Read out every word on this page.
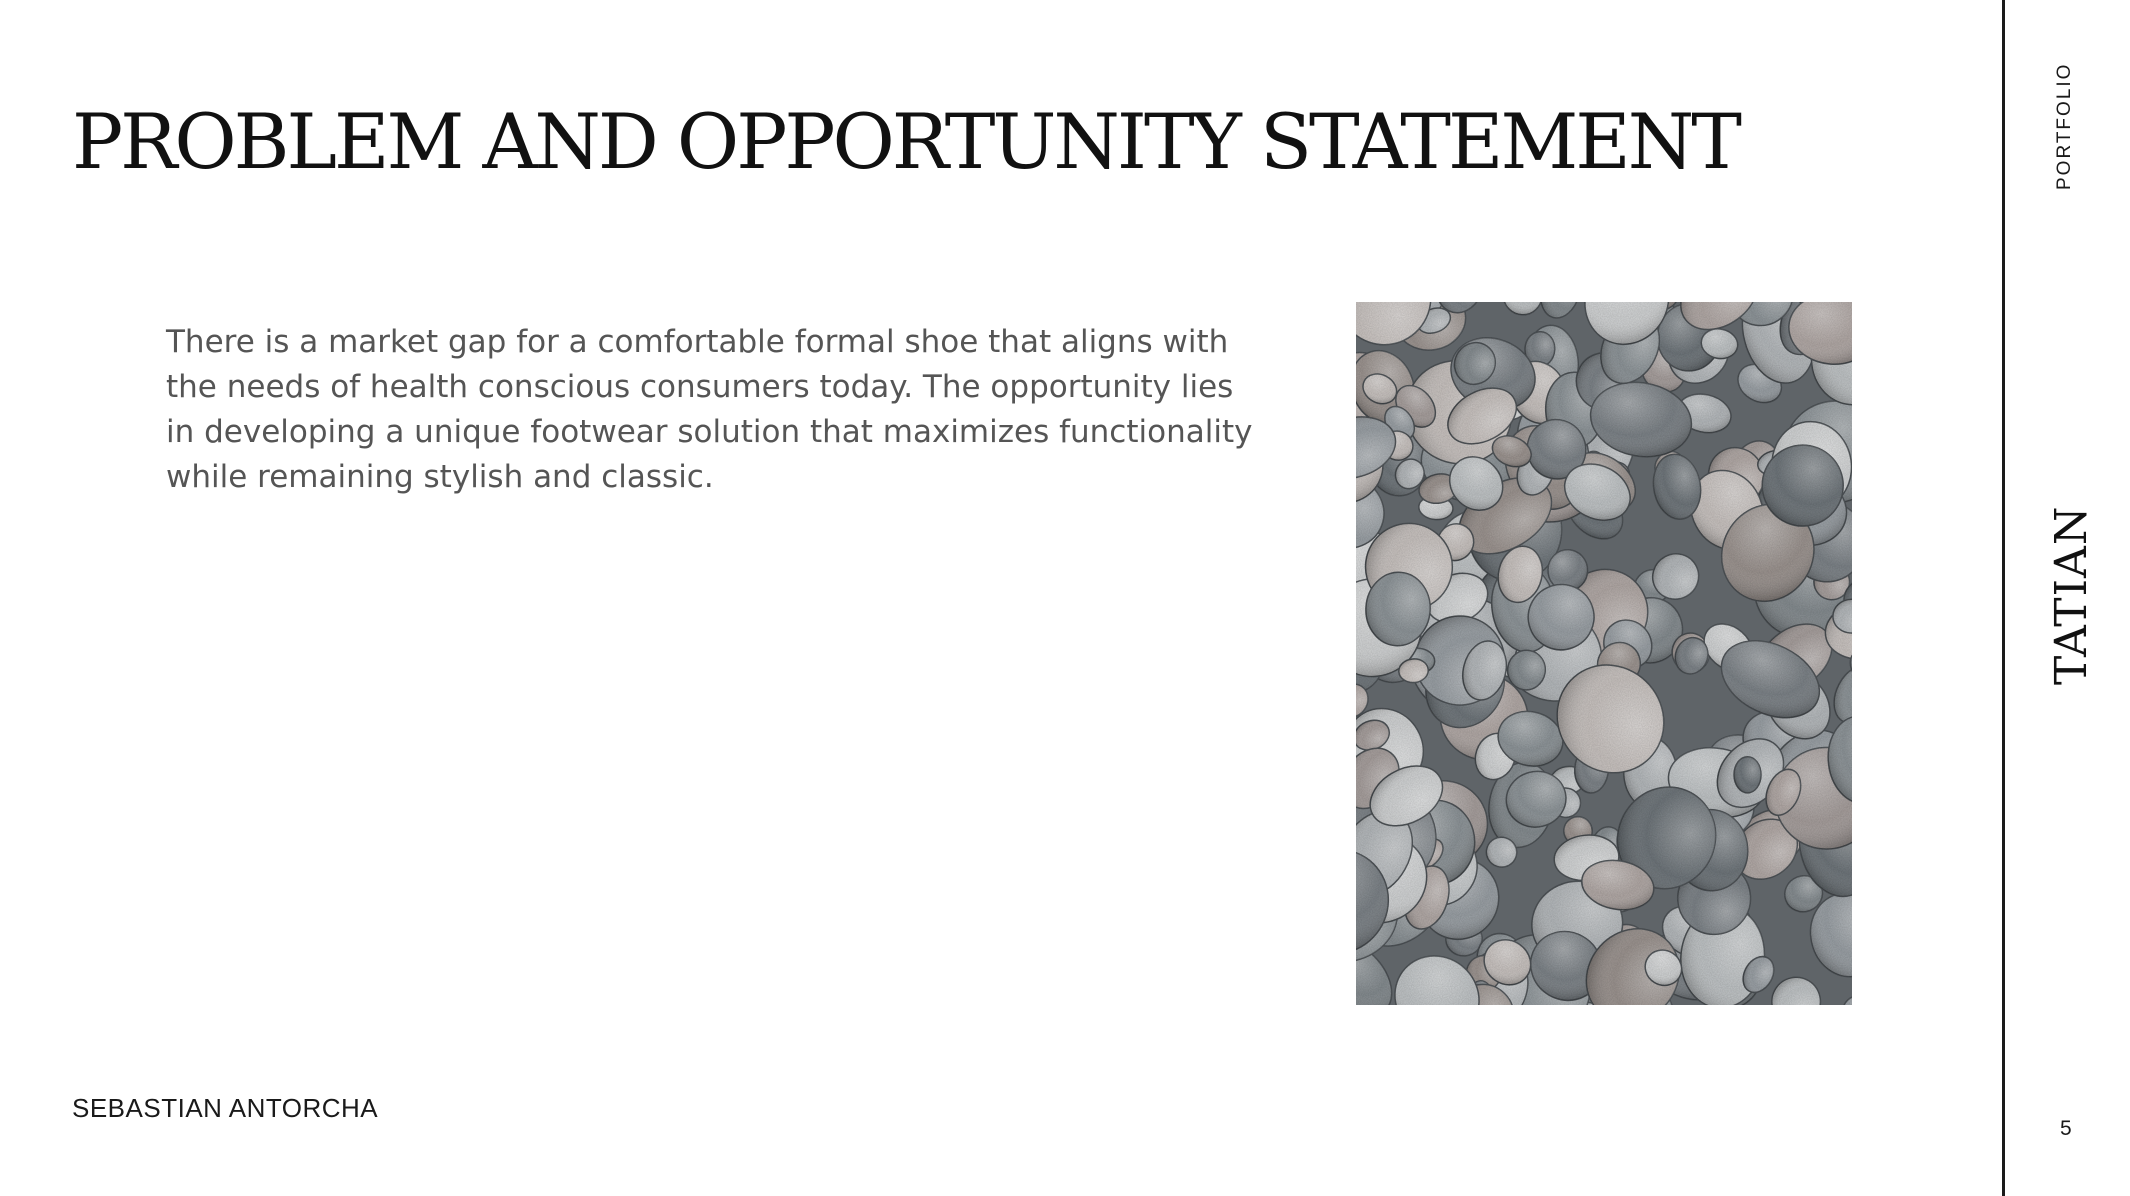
PROBLEM AND OPPORTUNITY STATEMENT

There is a market gap for a comfortable formal shoe that aligns with the needs of health conscious consumers today. The opportunity lies in developing a unique footwear solution that maximizes functionality while remaining stylish and classic.

SEBASTIAN ANTORCHA
PORTFOLIO
TATIAN
5
